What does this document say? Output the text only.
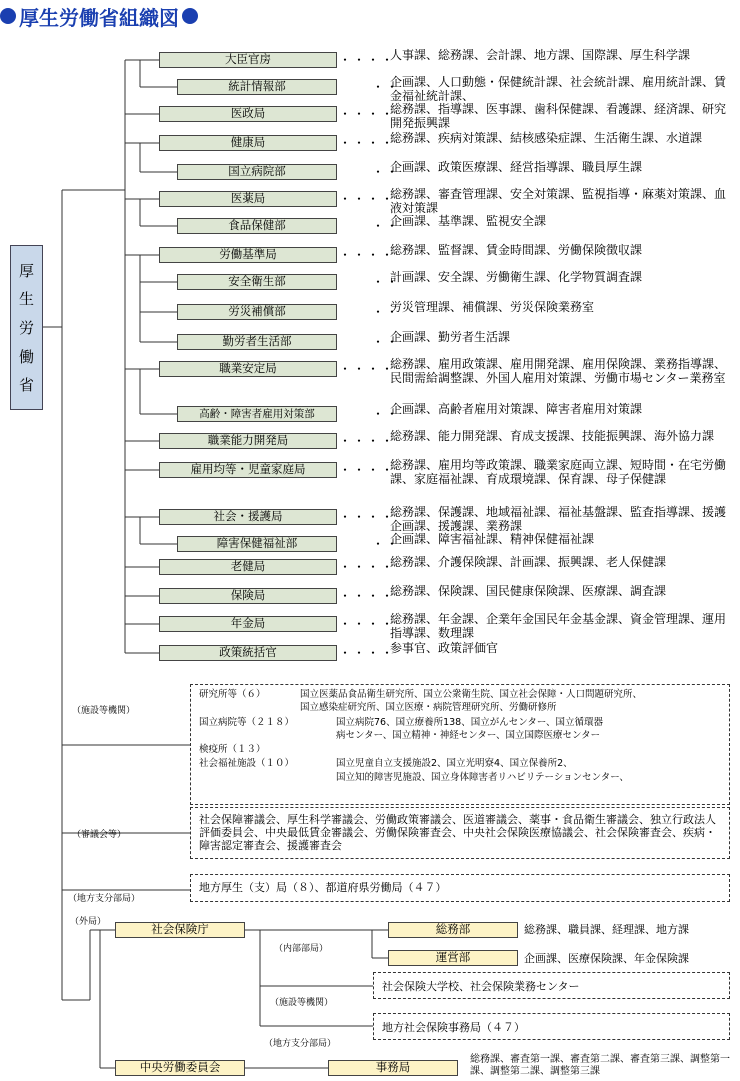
厚生労働省組織図
厚
生
労
働
省
大臣官房	・・・・
人事課、総務課、会計課、地方課、国際課、厚生科学課
統計情報部	・・
企画課、人口動態・保健統計課、社会統計課、雇用統計課、賃金福祉統計課、
医政局	・・・・
総務課、指導課、医事課、歯科保健課、看護課、経済課、研究開発振興課
健康局	・・・・
総務課、疾病対策課、結核感染症課、生活衛生課、水道課
国立病院部	・・
企画課、政策医療課、経営指導課、職員厚生課
医薬局	・・・・
総務課、審査管理課、安全対策課、監視指導・麻薬対策課、血液対策課
食品保健部	・・
企画課、基準課、監視安全課
労働基準局	・・・・
総務課、監督課、賃金時間課、労働保険徴収課
安全衛生部	・・
計画課、安全課、労働衛生課、化学物質調査課
労災補償部	・・
労災管理課、補償課、労災保険業務室
勤労者生活部	・・
企画課、勤労者生活課
職業安定局	・・・・
総務課、雇用政策課、雇用開発課、雇用保険課、業務指導課、民間需給調整課、外国人雇用対策課、労働市場センター業務室
高齢・障害者雇用対策部	・・
企画課、高齢者雇用対策課、障害者雇用対策課
職業能力開発局	・・・・
総務課、能力開発課、育成支援課、技能振興課、海外協力課
雇用均等・児童家庭局	・・・・
総務課、雇用均等政策課、職業家庭両立課、短時間・在宅労働課、家庭福祉課、育成環境課、保育課、母子保健課
社会・援護局	・・・・
総務課、保護課、地域福祉課、福祉基盤課、監査指導課、援護企画課、援護課、業務課
障害保健福祉部	・・
企画課、障害福祉課、精神保健福祉課
老健局	・・・・
総務課、介護保険課、計画課、振興課、老人保健課
保険局	・・・・
総務課、保険課、国民健康保険課、医療課、調査課
年金局	・・・・
総務課、年金課、企業年金国民年金基金課、資金管理課、運用指導課、数理課
政策統括官	・・・・
参事官、政策評価官
（施設等機関）
研究所等（６）	国立医薬品食品衛生研究所、国立公衆衛生院、国立社会保障・人口問題研究所、
国立感染症研究所、国立医療・病院管理研究所、労働研修所
国立病院等（２１８）	国立病院76、国立療養所138、国立がんセンター、国立循環器
病センター、国立精神・神経センター、国立国際医療センター
検疫所（１３）
社会福祉施設（１０）	国立児童自立支援施設2、国立光明寮4、国立保養所2、
国立知的障害児施設、国立身体障害者リハビリテーションセンター、
（審議会等）
社会保障審議会、厚生科学審議会、労働政策審議会、医道審議会、薬事・食品衛生審議会、独立行政法人評価委員会、中央最低賃金審議会、労働保険審査会、中央社会保険医療協議会、社会保険審査会、疾病・障害認定審査会、援護審査会
（地方支分部局）
地方厚生（支）局（８）、都道府県労働局（４７）
（外局）
社会保険庁
（内部部局）
総務部	総務課、職員課、経理課、地方課
運営部	企画課、医療保険課、年金保険課
社会保険大学校、社会保険業務センター
（施設等機関）
地方社会保険事務局（４７）
（地方支分部局）
中央労働委員会	事務局
総務課、審査第一課、審査第二課、審査第三課、調整第一課、調整第二課、調整第三課
